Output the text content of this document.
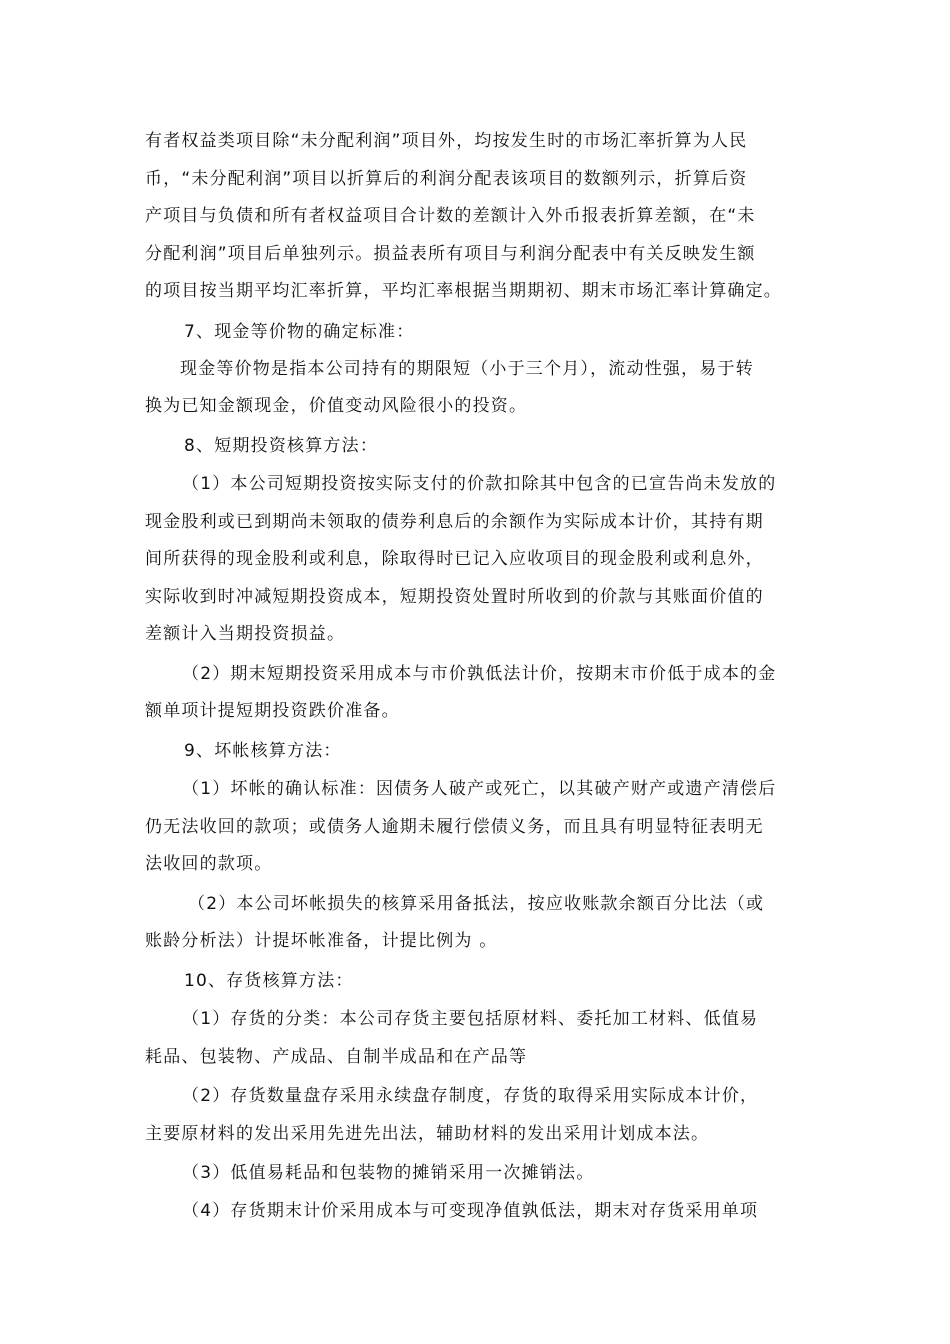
有者权益类项目除“未分配利润”项目外，均按发生时的市场汇率折算为人民
币，“未分配利润”项目以折算后的利润分配表该项目的数额列示，折算后资
产项目与负债和所有者权益项目合计数的差额计入外币报表折算差额，在“未
分配利润”项目后单独列示。损益表所有项目与利润分配表中有关反映发生额
的项目按当期平均汇率折算，平均汇率根据当期期初、期末市场汇率计算确定。
7、现金等价物的确定标准：
现金等价物是指本公司持有的期限短（小于三个月），流动性强，易于转
换为已知金额现金，价值变动风险很小的投资。
8、短期投资核算方法：
（1）本公司短期投资按实际支付的价款扣除其中包含的已宣告尚未发放的
现金股利或已到期尚未领取的债券利息后的余额作为实际成本计价，其持有期
间所获得的现金股利或利息，除取得时已记入应收项目的现金股利或利息外，
实际收到时冲减短期投资成本，短期投资处置时所收到的价款与其账面价值的
差额计入当期投资损益。
（2）期末短期投资采用成本与市价孰低法计价，按期末市价低于成本的金
额单项计提短期投资跌价准备。
9、坏帐核算方法：
（1）坏帐的确认标准：因债务人破产或死亡，以其破产财产或遗产清偿后
仍无法收回的款项；或债务人逾期未履行偿债义务，而且具有明显特征表明无
法收回的款项。
（2）本公司坏帐损失的核算采用备抵法，按应收账款余额百分比法（或
账龄分析法）计提坏帐准备，计提比例为 。
10、存货核算方法：
（1）存货的分类：本公司存货主要包括原材料、委托加工材料、低值易
耗品、包装物、产成品、自制半成品和在产品等
（2）存货数量盘存采用永续盘存制度，存货的取得采用实际成本计价，
主要原材料的发出采用先进先出法，辅助材料的发出采用计划成本法。
（3）低值易耗品和包装物的摊销采用一次摊销法。
（4）存货期末计价采用成本与可变现净值孰低法，期末对存货采用单项
